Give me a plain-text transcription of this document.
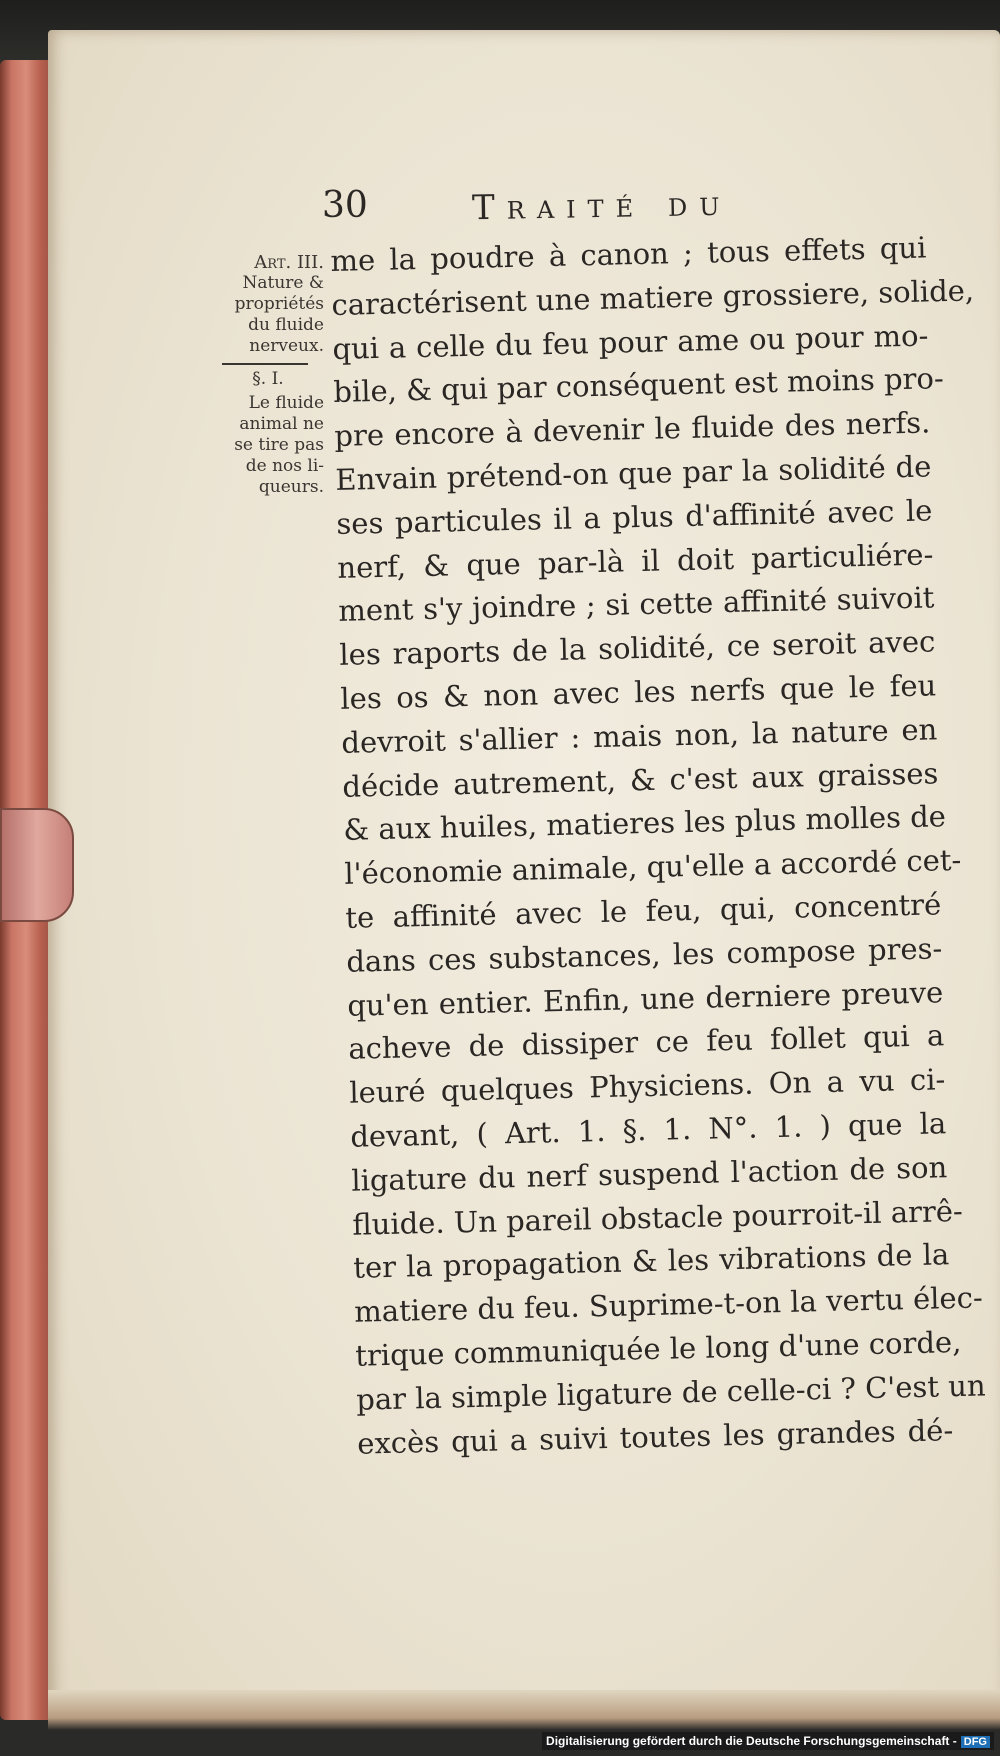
30	Traité du
Art. III.
Nature &
propriétés
du fluide
nerveux.
§. I.
Le fluide
animal ne
se tire pas
de nos li-
queurs.
me la poudre à canon ; tous effets qui
caractérisent une matiere grossiere, solide,
qui a celle du feu pour ame ou pour mo-
bile, & qui par conséquent est moins pro-
pre encore à devenir le fluide des nerfs.
Envain prétend-on que par la solidité de
ses particules il a plus d'affinité avec le
nerf, & que par-là il doit particuliére-
ment s'y joindre ; si cette affinité suivoit
les raports de la solidité, ce seroit avec
les os & non avec les nerfs que le feu
devroit s'allier : mais non, la nature en
décide autrement, & c'est aux graisses
& aux huiles, matieres les plus molles de
l'économie animale, qu'elle a accordé cet-
te affinité avec le feu, qui, concentré
dans ces substances, les compose pres-
qu'en entier. Enfin, une derniere preuve
acheve de dissiper ce feu follet qui a
leuré quelques Physiciens. On a vu ci-
devant, ( Art. 1. §. 1. N°. 1. ) que la
ligature du nerf suspend l'action de son
fluide. Un pareil obstacle pourroit-il arrê-
ter la propagation & les vibrations de la
matiere du feu. Suprime-t-on la vertu élec-
trique communiquée le long d'une corde,
par la simple ligature de celle-ci ? C'est un
excès qui a suivi toutes les grandes dé-
Digitalisierung gefördert durch die Deutsche Forschungsgemeinschaft - DFG
